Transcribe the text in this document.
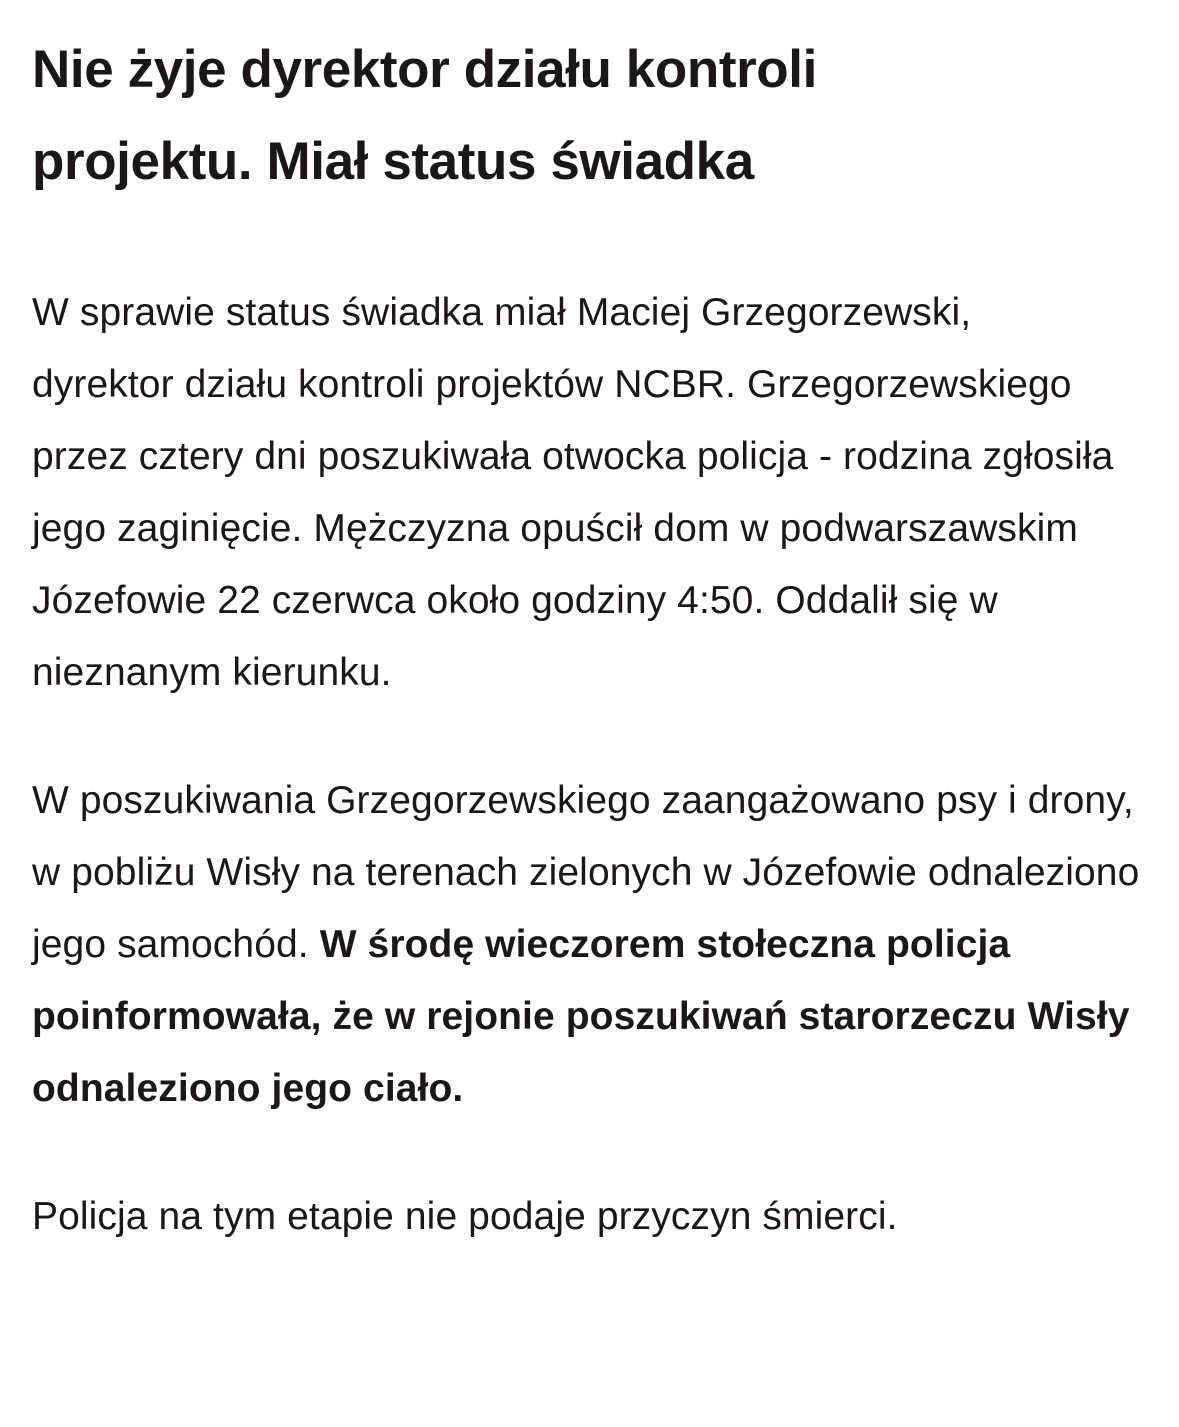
Nie żyje dyrektor działu kontroli projektu. Miał status świadka

W sprawie status świadka miał Maciej Grzegorzewski, dyrektor działu kontroli projektów NCBR. Grzegorzewskiego przez cztery dni poszukiwała otwocka policja - rodzina zgłosiła jego zaginięcie. Mężczyzna opuścił dom w podwarszawskim Józefowie 22 czerwca około godziny 4:50. Oddalił się w nieznanym kierunku.

W poszukiwania Grzegorzewskiego zaangażowano psy i drony, w pobliżu Wisły na terenach zielonych w Józefowie odnaleziono jego samochód. W środę wieczorem stołeczna policja poinformowała, że w rejonie poszukiwań starorzeczu Wisły odnaleziono jego ciało.

Policja na tym etapie nie podaje przyczyn śmierci.
